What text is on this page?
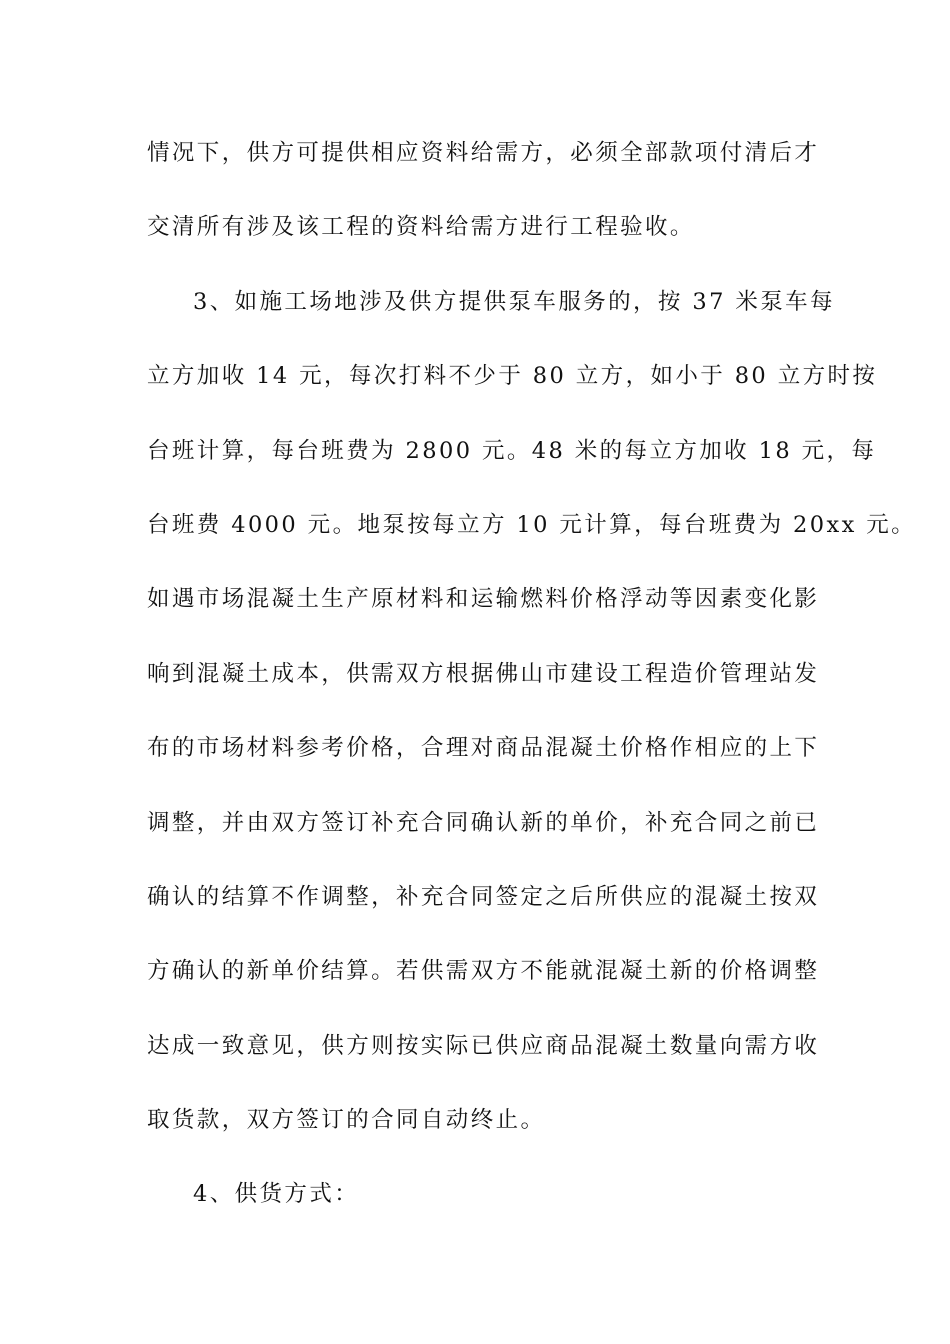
情况下，供方可提供相应资料给需方，必须全部款项付清后才
交清所有涉及该工程的资料给需方进行工程验收。
3、如施工场地涉及供方提供泵车服务的，按 37 米泵车每
立方加收 14 元，每次打料不少于 80 立方，如小于 80 立方时按
台班计算，每台班费为 2800 元。48 米的每立方加收 18 元，每
台班费 4000 元。地泵按每立方 10 元计算，每台班费为 20xx 元。
如遇市场混凝土生产原材料和运输燃料价格浮动等因素变化影
响到混凝土成本，供需双方根据佛山市建设工程造价管理站发
布的市场材料参考价格，合理对商品混凝土价格作相应的上下
调整，并由双方签订补充合同确认新的单价，补充合同之前已
确认的结算不作调整，补充合同签定之后所供应的混凝土按双
方确认的新单价结算。若供需双方不能就混凝土新的价格调整
达成一致意见，供方则按实际已供应商品混凝土数量向需方收
取货款，双方签订的合同自动终止。
4、供货方式：
